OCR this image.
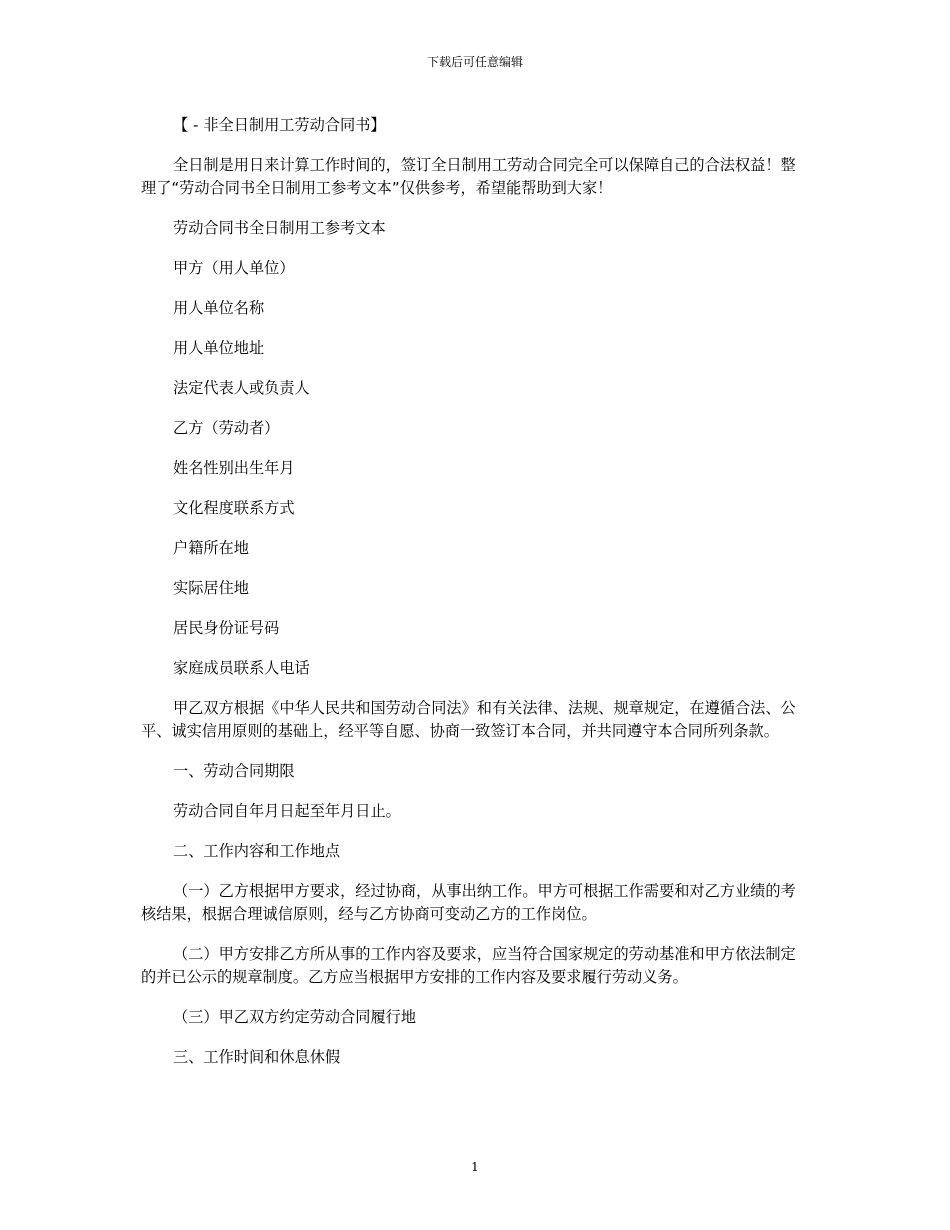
下载后可任意编辑

【 - 非全日制用工劳动合同书】

全日制是用日来计算工作时间的，签订全日制用工劳动合同完全可以保障自己的合法权益！整理了“劳动合同书全日制用工参考文本”仅供参考，希望能帮助到大家！

劳动合同书全日制用工参考文本

甲方（用人单位）

用人单位名称

用人单位地址

法定代表人或负责人

乙方（劳动者）

姓名性别出生年月

文化程度联系方式

户籍所在地

实际居住地

居民身份证号码

家庭成员联系人电话

甲乙双方根据《中华人民共和国劳动合同法》和有关法律、法规、规章规定，在遵循合法、公平、诚实信用原则的基础上，经平等自愿、协商一致签订本合同，并共同遵守本合同所列条款。

一、劳动合同期限

劳动合同自年月日起至年月日止。

二、工作内容和工作地点

（一）乙方根据甲方要求，经过协商，从事出纳工作。甲方可根据工作需要和对乙方业绩的考核结果，根据合理诚信原则，经与乙方协商可变动乙方的工作岗位。

（二）甲方安排乙方所从事的工作内容及要求，应当符合国家规定的劳动基准和甲方依法制定的并已公示的规章制度。乙方应当根据甲方安排的工作内容及要求履行劳动义务。

（三）甲乙双方约定劳动合同履行地

三、工作时间和休息休假

1
